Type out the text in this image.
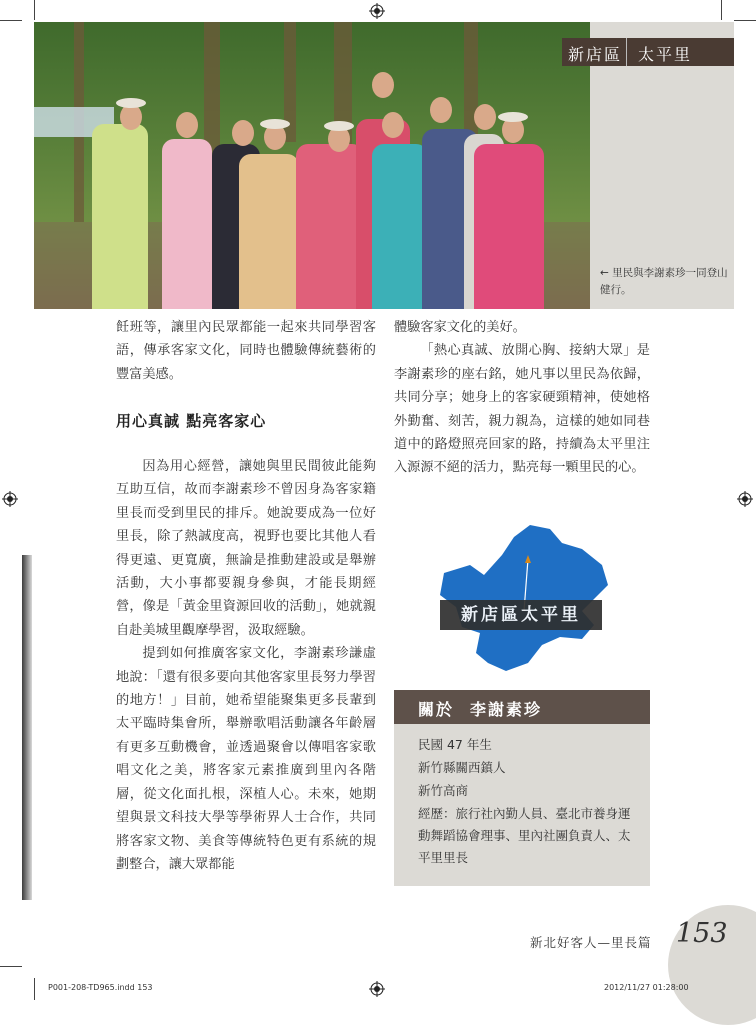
新店區 太平里
← 里民與李謝素珍一同登山健行。

飪班等，讓里內民眾都能一起來共同學習客語，傳承客家文化，同時也體驗傳統藝術的豐富美感。

用心真誠 點亮客家心

因為用心經營，讓她與里民間彼此能夠互助互信，故而李謝素珍不曾因身為客家籍里長而受到里民的排斥。她說要成為一位好里長，除了熱誠度高，視野也要比其他人看得更遠、更寬廣，無論是推動建設或是舉辦活動，大小事都要親身參與，才能長期經營，像是「黃金里資源回收的活動」，她就親自赴美城里觀摩學習，汲取經驗。

提到如何推廣客家文化，李謝素珍謙虛地說：「還有很多要向其他客家里長努力學習的地方！」目前，她希望能聚集更多長輩到太平臨時集會所，舉辦歌唱活動讓各年齡層有更多互動機會，並透過聚會以傳唱客家歌唱文化之美，將客家元素推廣到里內各階層，從文化面扎根，深植人心。未來，她期望與景文科技大學等學術界人士合作，共同將客家文物、美食等傳統特色更有系統的規劃整合，讓大眾都能

體驗客家文化的美好。

「熱心真誠、放開心胸、接納大眾」是李謝素珍的座右銘，她凡事以里民為依歸，共同分享；她身上的客家硬頸精神，使她格外勤奮、刻苦，親力親為，這樣的她如同巷道中的路燈照亮回家的路，持續為太平里注入源源不絕的活力，點亮每一顆里民的心。

新店區太平里
關於 李謝素珍
民國 47 年生
新竹縣關西鎮人
新竹高商
經歷：旅行社內勤人員、臺北市養身運動舞蹈協會理事、里內社團負責人、太平里里長
新北好客人—里長篇 153
P001-208-TD965.indd 153	2012/11/27 01:28:00
